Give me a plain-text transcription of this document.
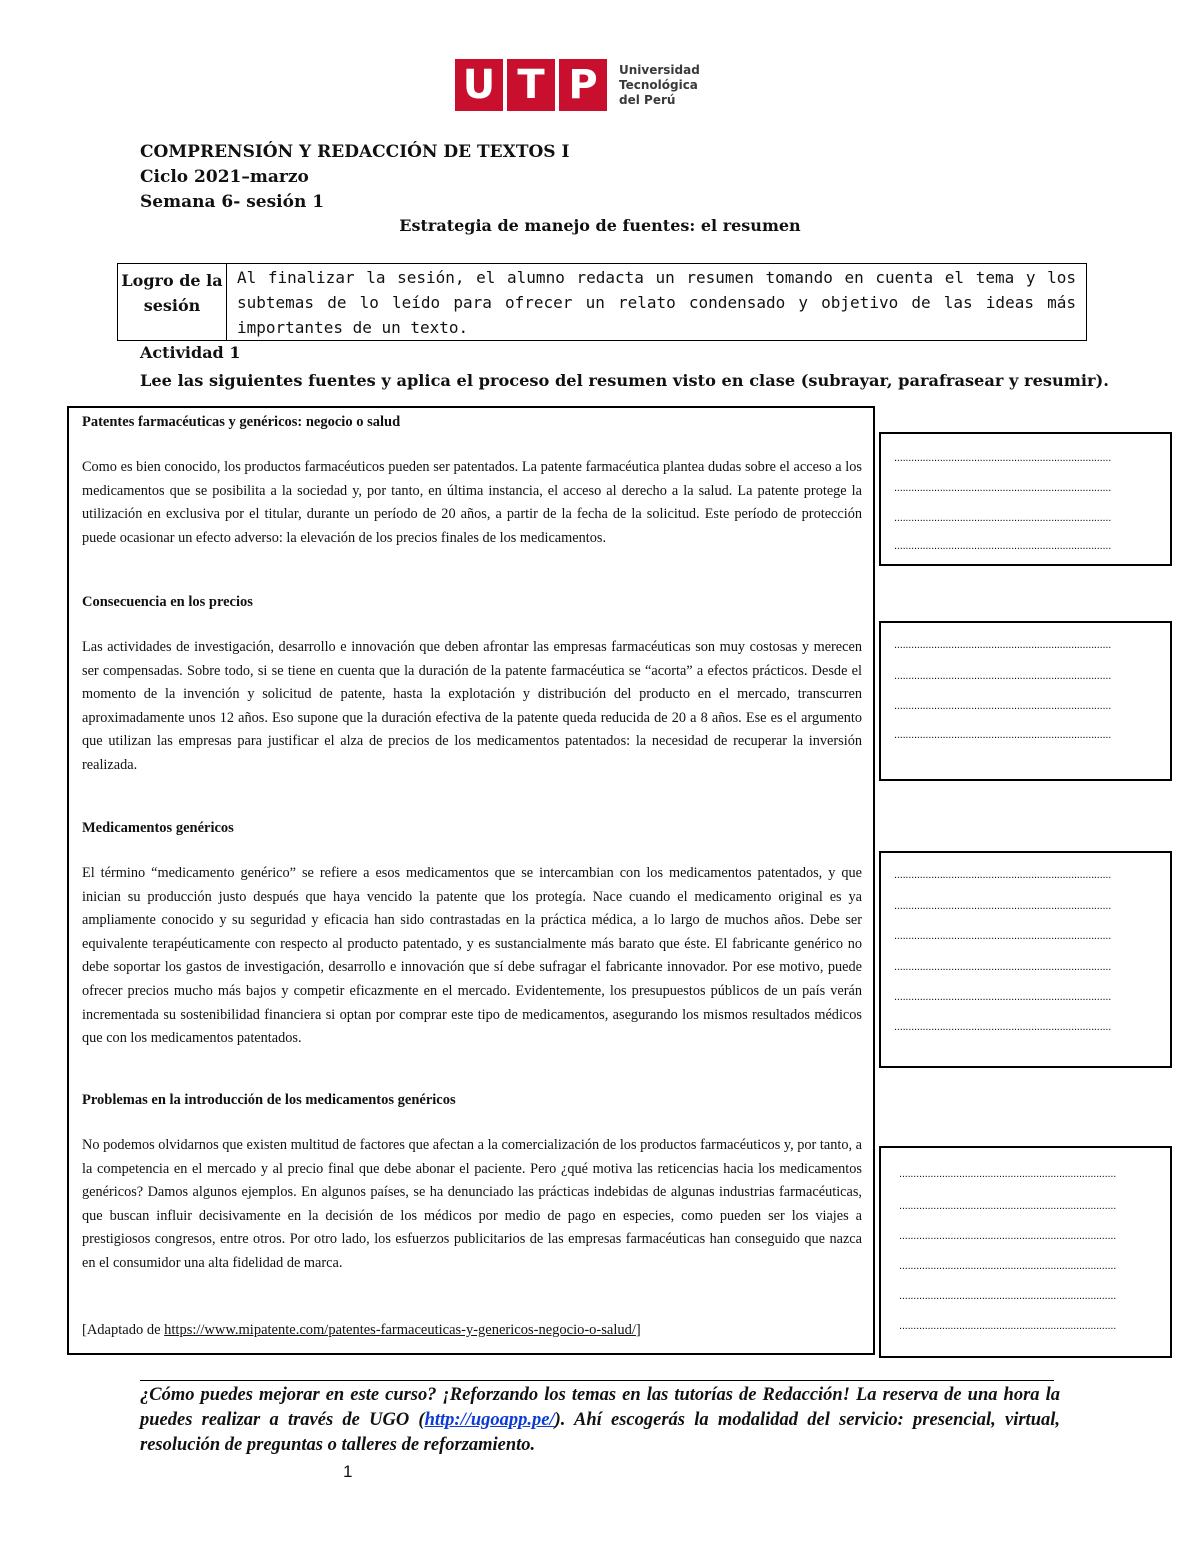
U T P	Universidad
Tecnológica
del Perú
COMPRENSIÓN Y REDACCIÓN DE TEXTOS I
Ciclo 2021–marzo
Semana 6- sesión 1
Estrategia de manejo de fuentes: el resumen
Logro de la sesión
Al finalizar la sesión, el alumno redacta un resumen tomando en cuenta el tema y los subtemas de lo leído para ofrecer un relato condensado y objetivo de las ideas más importantes de un texto.
Actividad 1
Lee las siguientes fuentes y aplica el proceso del resumen visto en clase (subrayar, parafrasear y resumir).
Patentes farmacéuticas y genéricos: negocio o salud
Como es bien conocido, los productos farmacéuticos pueden ser patentados. La patente farmacéutica plantea dudas sobre el acceso a los medicamentos que se posibilita a la sociedad y, por tanto, en última instancia, el acceso al derecho a la salud. La patente protege la utilización en exclusiva por el titular, durante un período de 20 años, a partir de la fecha de la solicitud. Este período de protección puede ocasionar un efecto adverso: la elevación de los precios finales de los medicamentos.
Consecuencia en los precios
Las actividades de investigación, desarrollo e innovación que deben afrontar las empresas farmacéuticas son muy costosas y merecen ser compensadas. Sobre todo, si se tiene en cuenta que la duración de la patente farmacéutica se “acorta” a efectos prácticos. Desde el momento de la invención y solicitud de patente, hasta la explotación y distribución del producto en el mercado, transcurren aproximadamente unos 12 años. Eso supone que la duración efectiva de la patente queda reducida de 20 a 8 años. Ese es el argumento que utilizan las empresas para justificar el alza de precios de los medicamentos patentados: la necesidad de recuperar la inversión realizada.
Medicamentos genéricos
El término “medicamento genérico” se refiere a esos medicamentos que se intercambian con los medicamentos patentados, y que inician su producción justo después que haya vencido la patente que los protegía. Nace cuando el medicamento original es ya ampliamente conocido y su seguridad y eficacia han sido contrastadas en la práctica médica, a lo largo de muchos años. Debe ser equivalente terapéuticamente con respecto al producto patentado, y es sustancialmente más barato que éste. El fabricante genérico no debe soportar los gastos de investigación, desarrollo e innovación que sí debe sufragar el fabricante innovador. Por ese motivo, puede ofrecer precios mucho más bajos y competir eficazmente en el mercado. Evidentemente, los presupuestos públicos de un país verán incrementada su sostenibilidad financiera si optan por comprar este tipo de medicamentos, asegurando los mismos resultados médicos que con los medicamentos patentados.
Problemas en la introducción de los medicamentos genéricos
No podemos olvidarnos que existen multitud de factores que afectan a la comercialización de los productos farmacéuticos y, por tanto, a la competencia en el mercado y al precio final que debe abonar el paciente. Pero ¿qué motiva las reticencias hacia los medicamentos genéricos? Damos algunos ejemplos. En algunos países, se ha denunciado las prácticas indebidas de algunas industrias farmacéuticas, que buscan influir decisivamente en la decisión de los médicos por medio de pago en especies, como pueden ser los viajes a prestigiosos congresos, entre otros. Por otro lado, los esfuerzos publicitarios de las empresas farmacéuticas han conseguido que nazca en el consumidor una alta fidelidad de marca.
[Adaptado de https://www.mipatente.com/patentes-farmaceuticas-y-genericos-negocio-o-salud/]
............................................................................
............................................................................
............................................................................
............................................................................
............................................................................
............................................................................
............................................................................
............................................................................
............................................................................
............................................................................
............................................................................
............................................................................
............................................................................
............................................................................
............................................................................
............................................................................
............................................................................
............................................................................
............................................................................
............................................................................
¿Cómo puedes mejorar en este curso? ¡Reforzando los temas en las tutorías de Redacción! La reserva de una hora la puedes realizar a través de UGO (http://ugoapp.pe/). Ahí escogerás la modalidad del servicio: presencial, virtual, resolución de preguntas o talleres de reforzamiento.
1
